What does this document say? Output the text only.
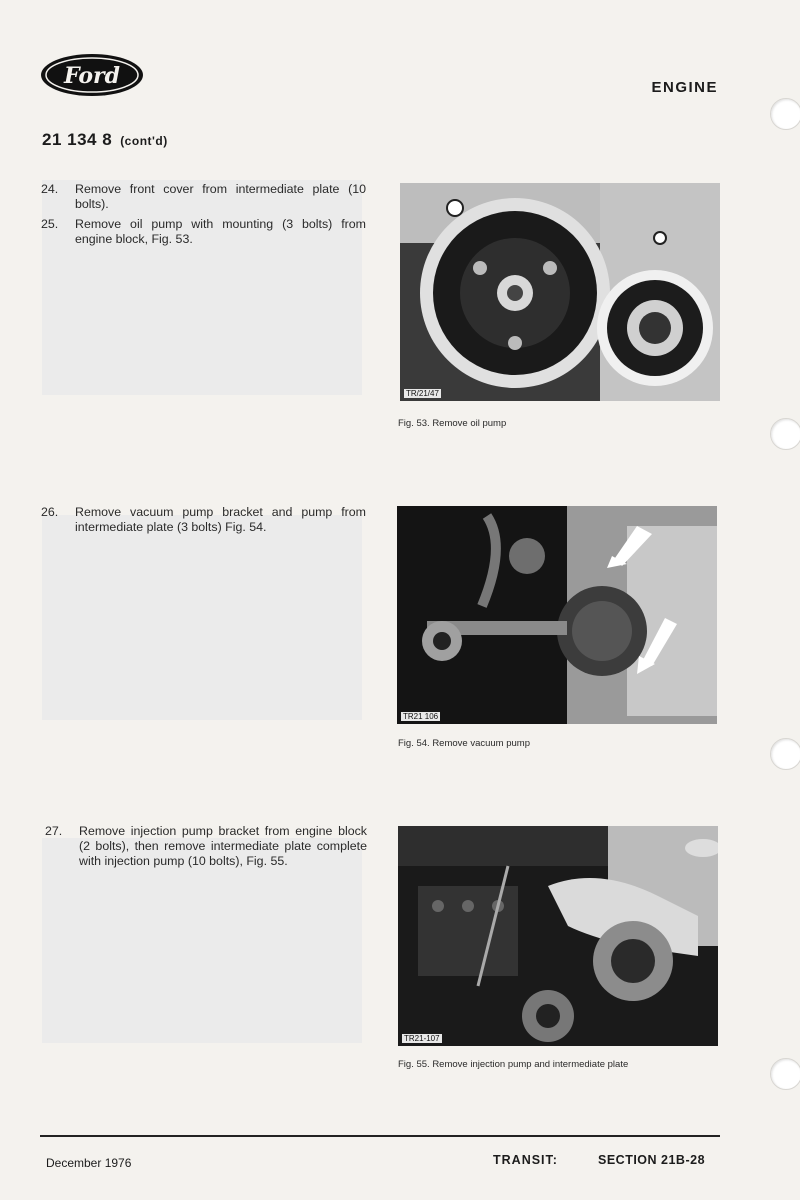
Ford	ENGINE
21 134 8 (cont'd)
24.	Remove front cover from intermediate plate (10 bolts).
25.	Remove oil pump with mounting (3 bolts) from engine block, Fig. 53.
26.	Remove vacuum pump bracket and pump from intermediate plate (3 bolts) Fig. 54.
27.	Remove injection pump bracket from engine block (2 bolts), then remove intermediate plate complete with injection pump (10 bolts), Fig. 55.
TR/21/47
Fig. 53. Remove oil pump
TR21 106
Fig. 54. Remove vacuum pump
TR21-107
Fig. 55. Remove injection pump and intermediate plate
December 1976	TRANSIT:	SECTION 21B-28
